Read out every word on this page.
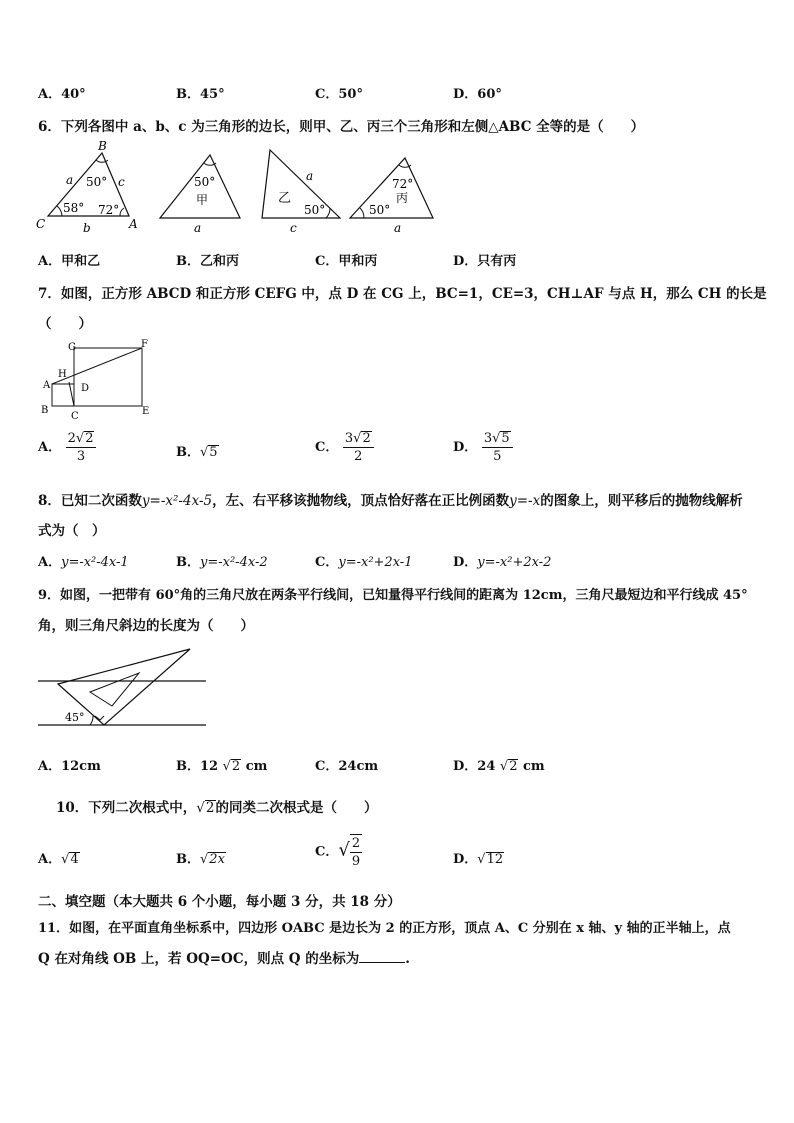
A．40°	B．45°	C．50°	D．60°
6．下列各图中 a、b、c 为三角形的边长，则甲、乙、丙三个三角形和左侧△ABC 全等的是（　　）
B
C	A
a	c
b
50°
58° 72°
50°
甲
a
a
乙
50°
c
72°
丙
50°
a
A．甲和乙	B．乙和丙	C．甲和丙	D．只有丙
7．如图，正方形 ABCD 和正方形 CEFG 中，点 D 在 CG 上，BC=1，CE=3，CH⊥AF 与点 H，那么 CH 的长是
（　　）
G	F
A
H
D
B
C	E
A． $\frac{2√2}{3}$	B．√5	C． $\frac{3√2}{2}$	D． $\frac{3√5}{5}$
8．已知二次函数y=-x²-4x-5，左、右平移该抛物线，顶点恰好落在正比例函数y=-x的图象上，则平移后的抛物线解析
式为（　）
A．y=-x²-4x-1	B．y=-x²-4x-2	C．y=-x²+2x-1	D．y=-x²+2x-2
9．如图，一把带有 60°角的三角尺放在两条平行线间，已知量得平行线间的距离为 12cm，三角尺最短边和平行线成 45°
角，则三角尺斜边的长度为（　　）
45°
A．12cm	B．12 √2 cm	C．24cm	D．24 √2 cm
10．下列二次根式中，√2的同类二次根式是（　　）
A．√4	B．√2x	C．√ $\frac{2}{9}$	D．√12
二、填空题（本大题共 6 个小题，每小题 3 分，共 18 分）
11．如图，在平面直角坐标系中，四边形 OABC 是边长为 2 的正方形，顶点 A、C 分别在 x 轴、y 轴的正半轴上，点
Q 在对角线 OB 上，若 OQ=OC，则点 Q 的坐标为	.
